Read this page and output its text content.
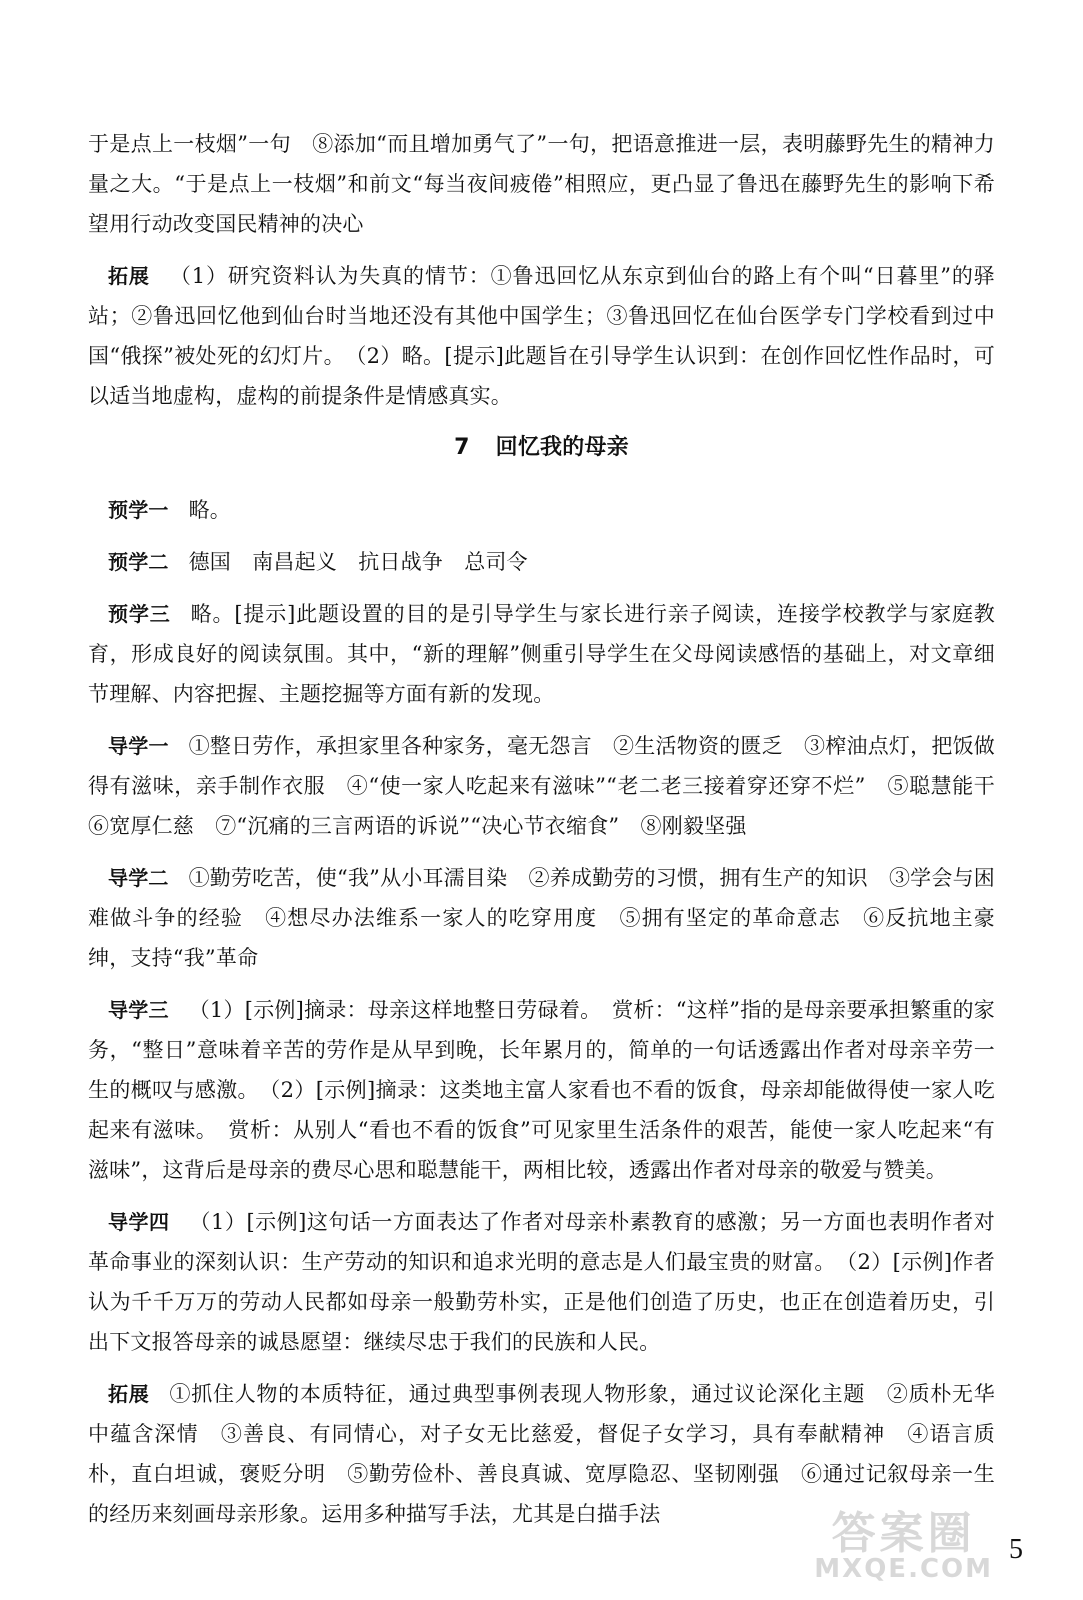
于是点上一枝烟”一句　⑧添加“而且增加勇气了”一句，把语意推进一层，表明藤野先生的精神力量之大。“于是点上一枝烟”和前文“每当夜间疲倦”相照应，更凸显了鲁迅在藤野先生的影响下希望用行动改变国民精神的决心

拓展 （1）研究资料认为失真的情节：①鲁迅回忆从东京到仙台的路上有个叫“日暮里”的驿站；②鲁迅回忆他到仙台时当地还没有其他中国学生；③鲁迅回忆在仙台医学专门学校看到过中国“俄探”被处死的幻灯片。　（2）略。[提示]此题旨在引导学生认识到：在创作回忆性作品时，可以适当地虚构，虚构的前提条件是情感真实。

7 回忆我的母亲

预学一 略。

预学二 德国　南昌起义　抗日战争　总司令

预学三 略。[提示]此题设置的目的是引导学生与家长进行亲子阅读，连接学校教学与家庭教育，形成良好的阅读氛围。其中，“新的理解”侧重引导学生在父母阅读感悟的基础上，对文章细节理解、内容把握、主题挖掘等方面有新的发现。

导学一 ①整日劳作，承担家里各种家务，毫无怨言　②生活物资的匮乏　③榨油点灯，把饭做得有滋味，亲手制作衣服　④“使一家人吃起来有滋味”“老二老三接着穿还穿不烂”　⑤聪慧能干　⑥宽厚仁慈　⑦“沉痛的三言两语的诉说”“决心节衣缩食”　⑧刚毅坚强

导学二 ①勤劳吃苦，使“我”从小耳濡目染　②养成勤劳的习惯，拥有生产的知识　③学会与困难做斗争的经验　④想尽办法维系一家人的吃穿用度　⑤拥有坚定的革命意志　⑥反抗地主豪绅，支持“我”革命

导学三 （1）[示例]摘录：母亲这样地整日劳碌着。　赏析：“这样”指的是母亲要承担繁重的家务，“整日”意味着辛苦的劳作是从早到晚，长年累月的，简单的一句话透露出作者对母亲辛劳一生的概叹与感激。　（2）[示例]摘录：这类地主富人家看也不看的饭食，母亲却能做得使一家人吃起来有滋味。　赏析：从别人“看也不看的饭食”可见家里生活条件的艰苦，能使一家人吃起来“有滋味”，这背后是母亲的费尽心思和聪慧能干，两相比较，透露出作者对母亲的敬爱与赞美。

导学四 （1）[示例]这句话一方面表达了作者对母亲朴素教育的感激；另一方面也表明作者对革命事业的深刻认识：生产劳动的知识和追求光明的意志是人们最宝贵的财富。　（2）[示例]作者认为千千万万的劳动人民都如母亲一般勤劳朴实，正是他们创造了历史，也正在创造着历史，引出下文报答母亲的诚恳愿望：继续尽忠于我们的民族和人民。

拓展 ①抓住人物的本质特征，通过典型事例表现人物形象，通过议论深化主题　②质朴无华中蕴含深情　③善良、有同情心，对子女无比慈爱，督促子女学习，具有奉献精神　④语言质朴，直白坦诚，褒贬分明　⑤勤劳俭朴、善良真诚、宽厚隐忍、坚韧刚强　⑥通过记叙母亲一生的经历来刻画母亲形象。运用多种描写手法，尤其是白描手法	答案圈
MXQE.COM
5
